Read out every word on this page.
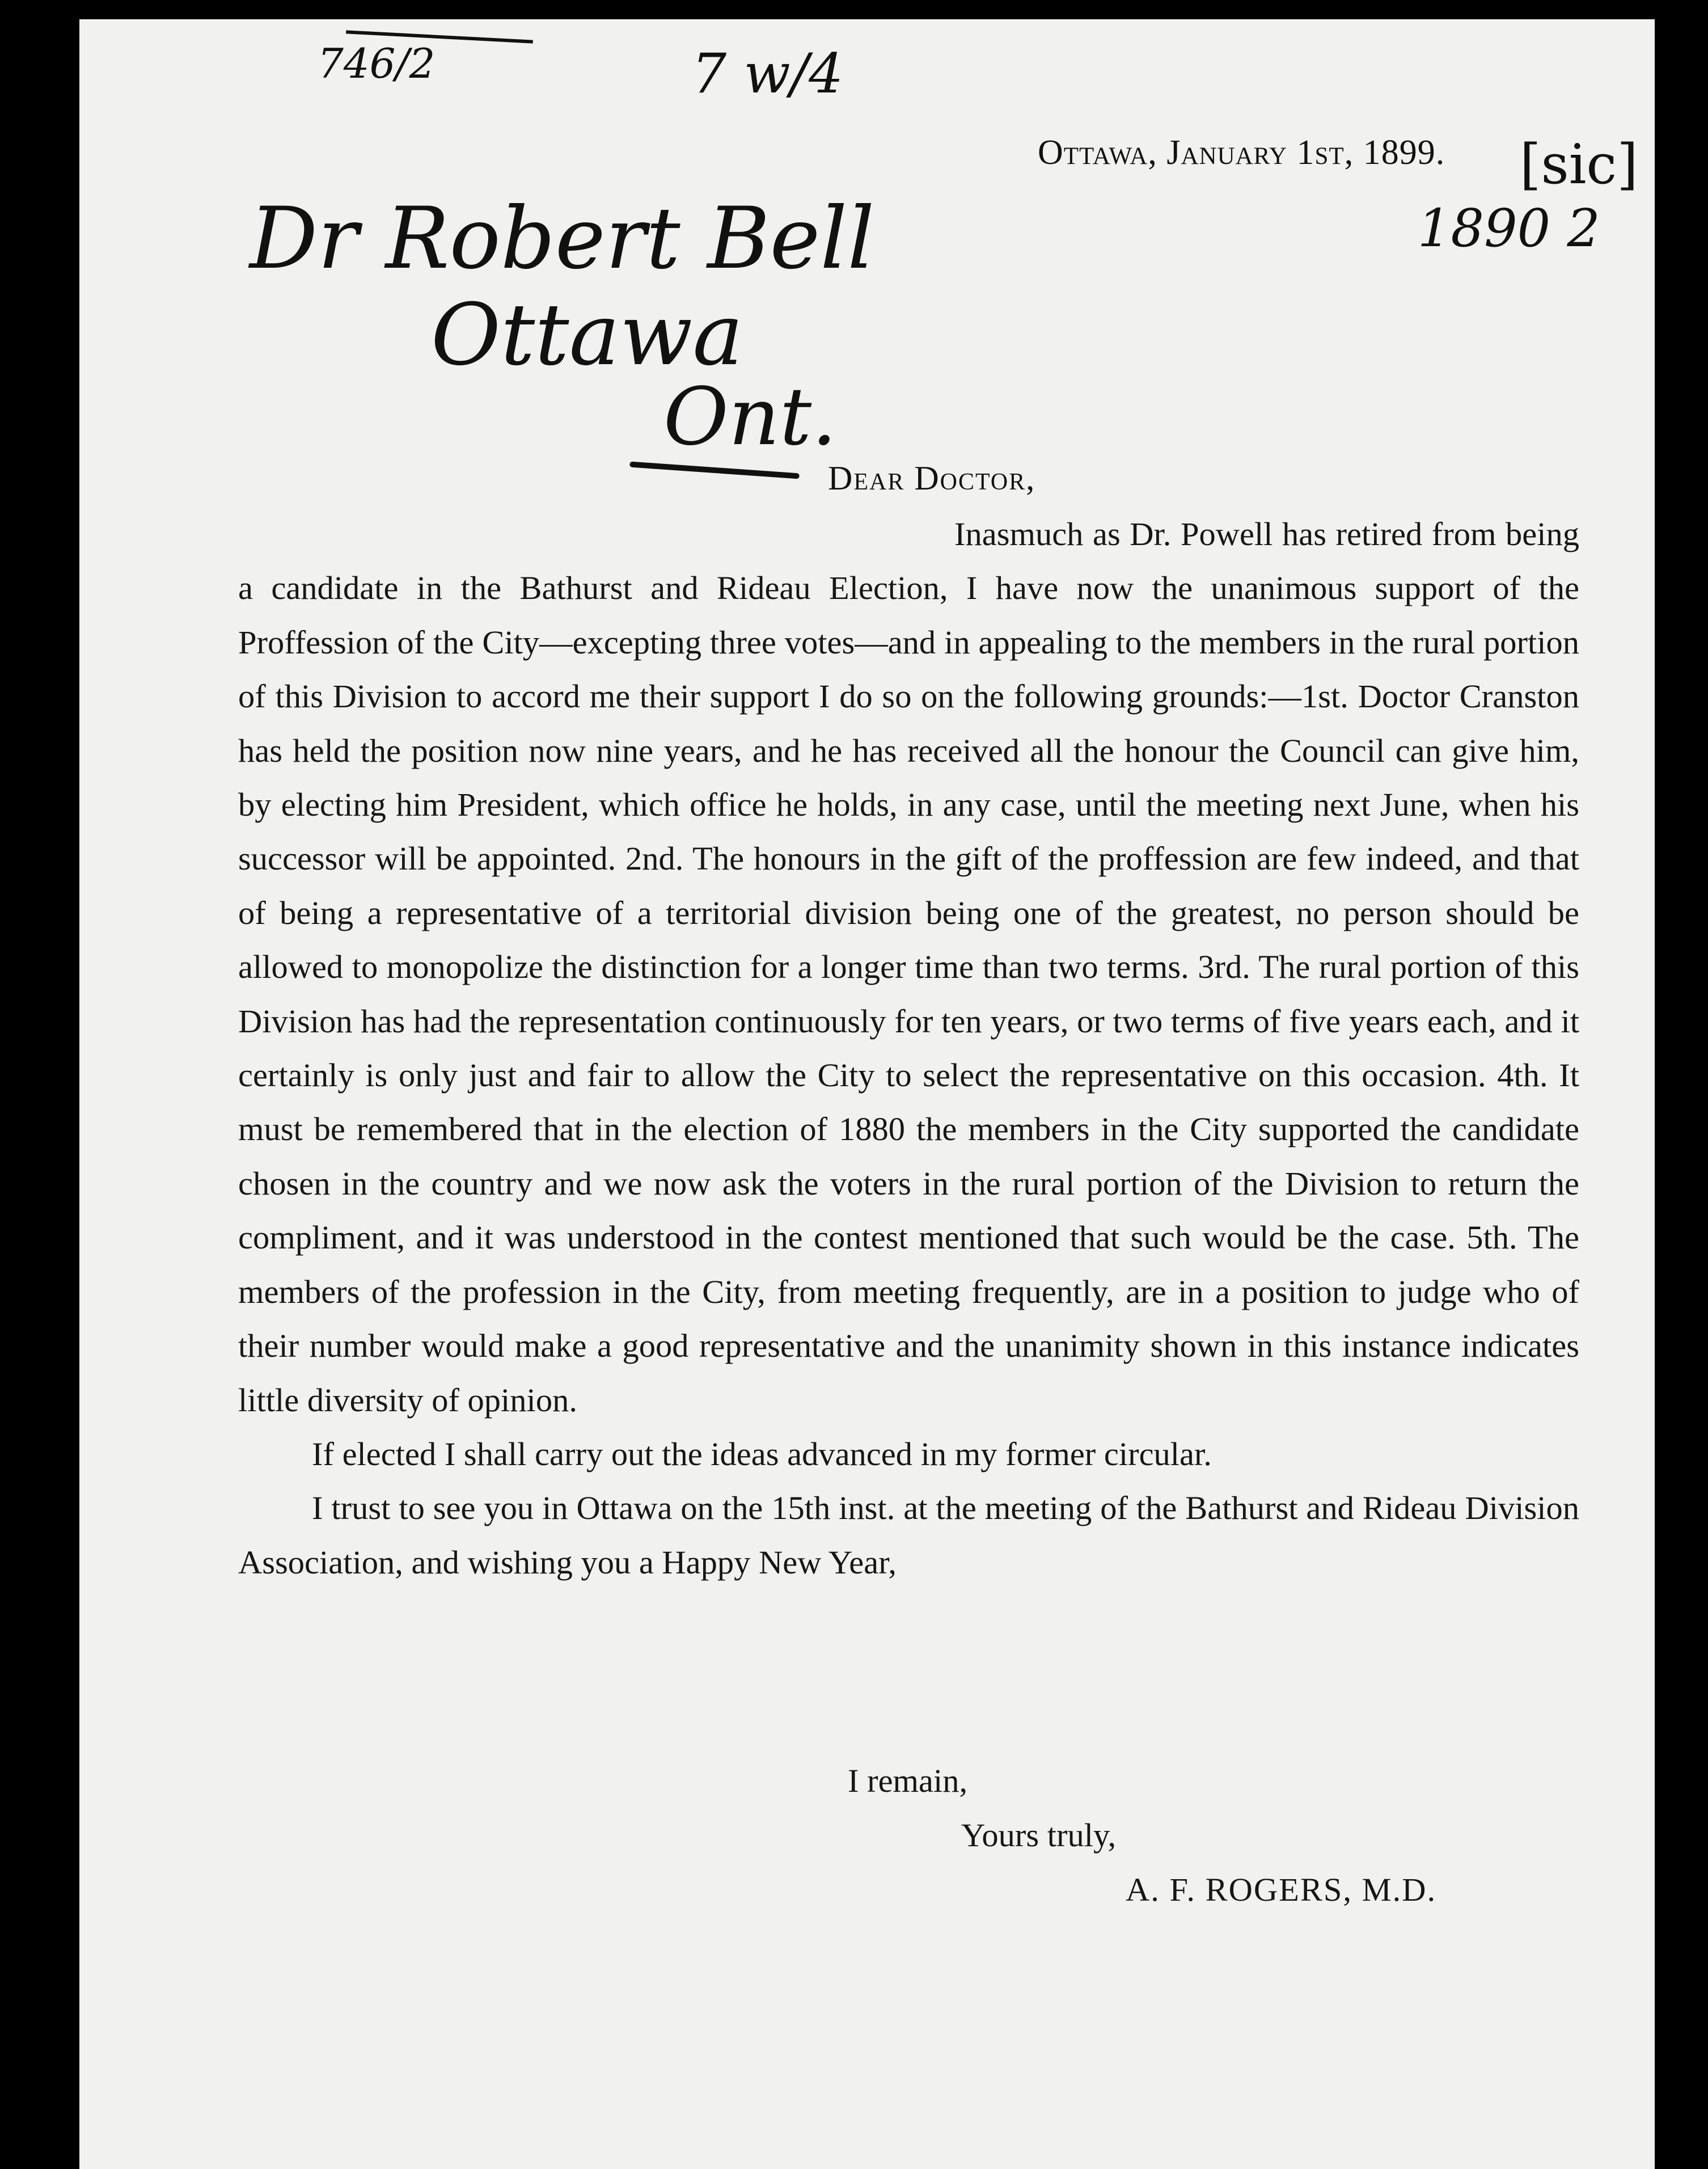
746/2	7 w/4
[sic]
1890 2
Ottawa, January 1st, 1899.
Dr Robert Bell
Ottawa
Ont.
Dear Doctor,

Inasmuch as Dr. Powell has retired from being a candidate in the Bathurst and Rideau Election, I have now the unanimous support of the Proffession of the City—excepting three votes—and in appealing to the members in the rural portion of this Division to accord me their support I do so on the following grounds:—1st. Doctor Cranston has held the position now nine years, and he has received all the honour the Council can give him, by electing him President, which office he holds, in any case, until the meeting next June, when his successor will be appointed. 2nd. The honours in the gift of the proffession are few indeed, and that of being a representative of a territorial division being one of the greatest, no person should be allowed to monopolize the distinction for a longer time than two terms. 3rd. The rural portion of this Division has had the representation continuously for ten years, or two terms of five years each, and it certainly is only just and fair to allow the City to select the representative on this occasion. 4th. It must be remembered that in the election of 1880 the members in the City supported the candidate chosen in the country and we now ask the voters in the rural portion of the Division to return the compliment, and it was understood in the contest mentioned that such would be the case. 5th. The members of the profession in the City, from meeting frequently, are in a position to judge who of their number would make a good representative and the unanimity shown in this instance indicates little diversity of opinion.

If elected I shall carry out the ideas advanced in my former circular.

I trust to see you in Ottawa on the 15th inst. at the meeting of the Bathurst and Rideau Division Association, and wishing you a Happy New Year,

I remain,
Yours truly,
A. F. ROGERS, M.D.
